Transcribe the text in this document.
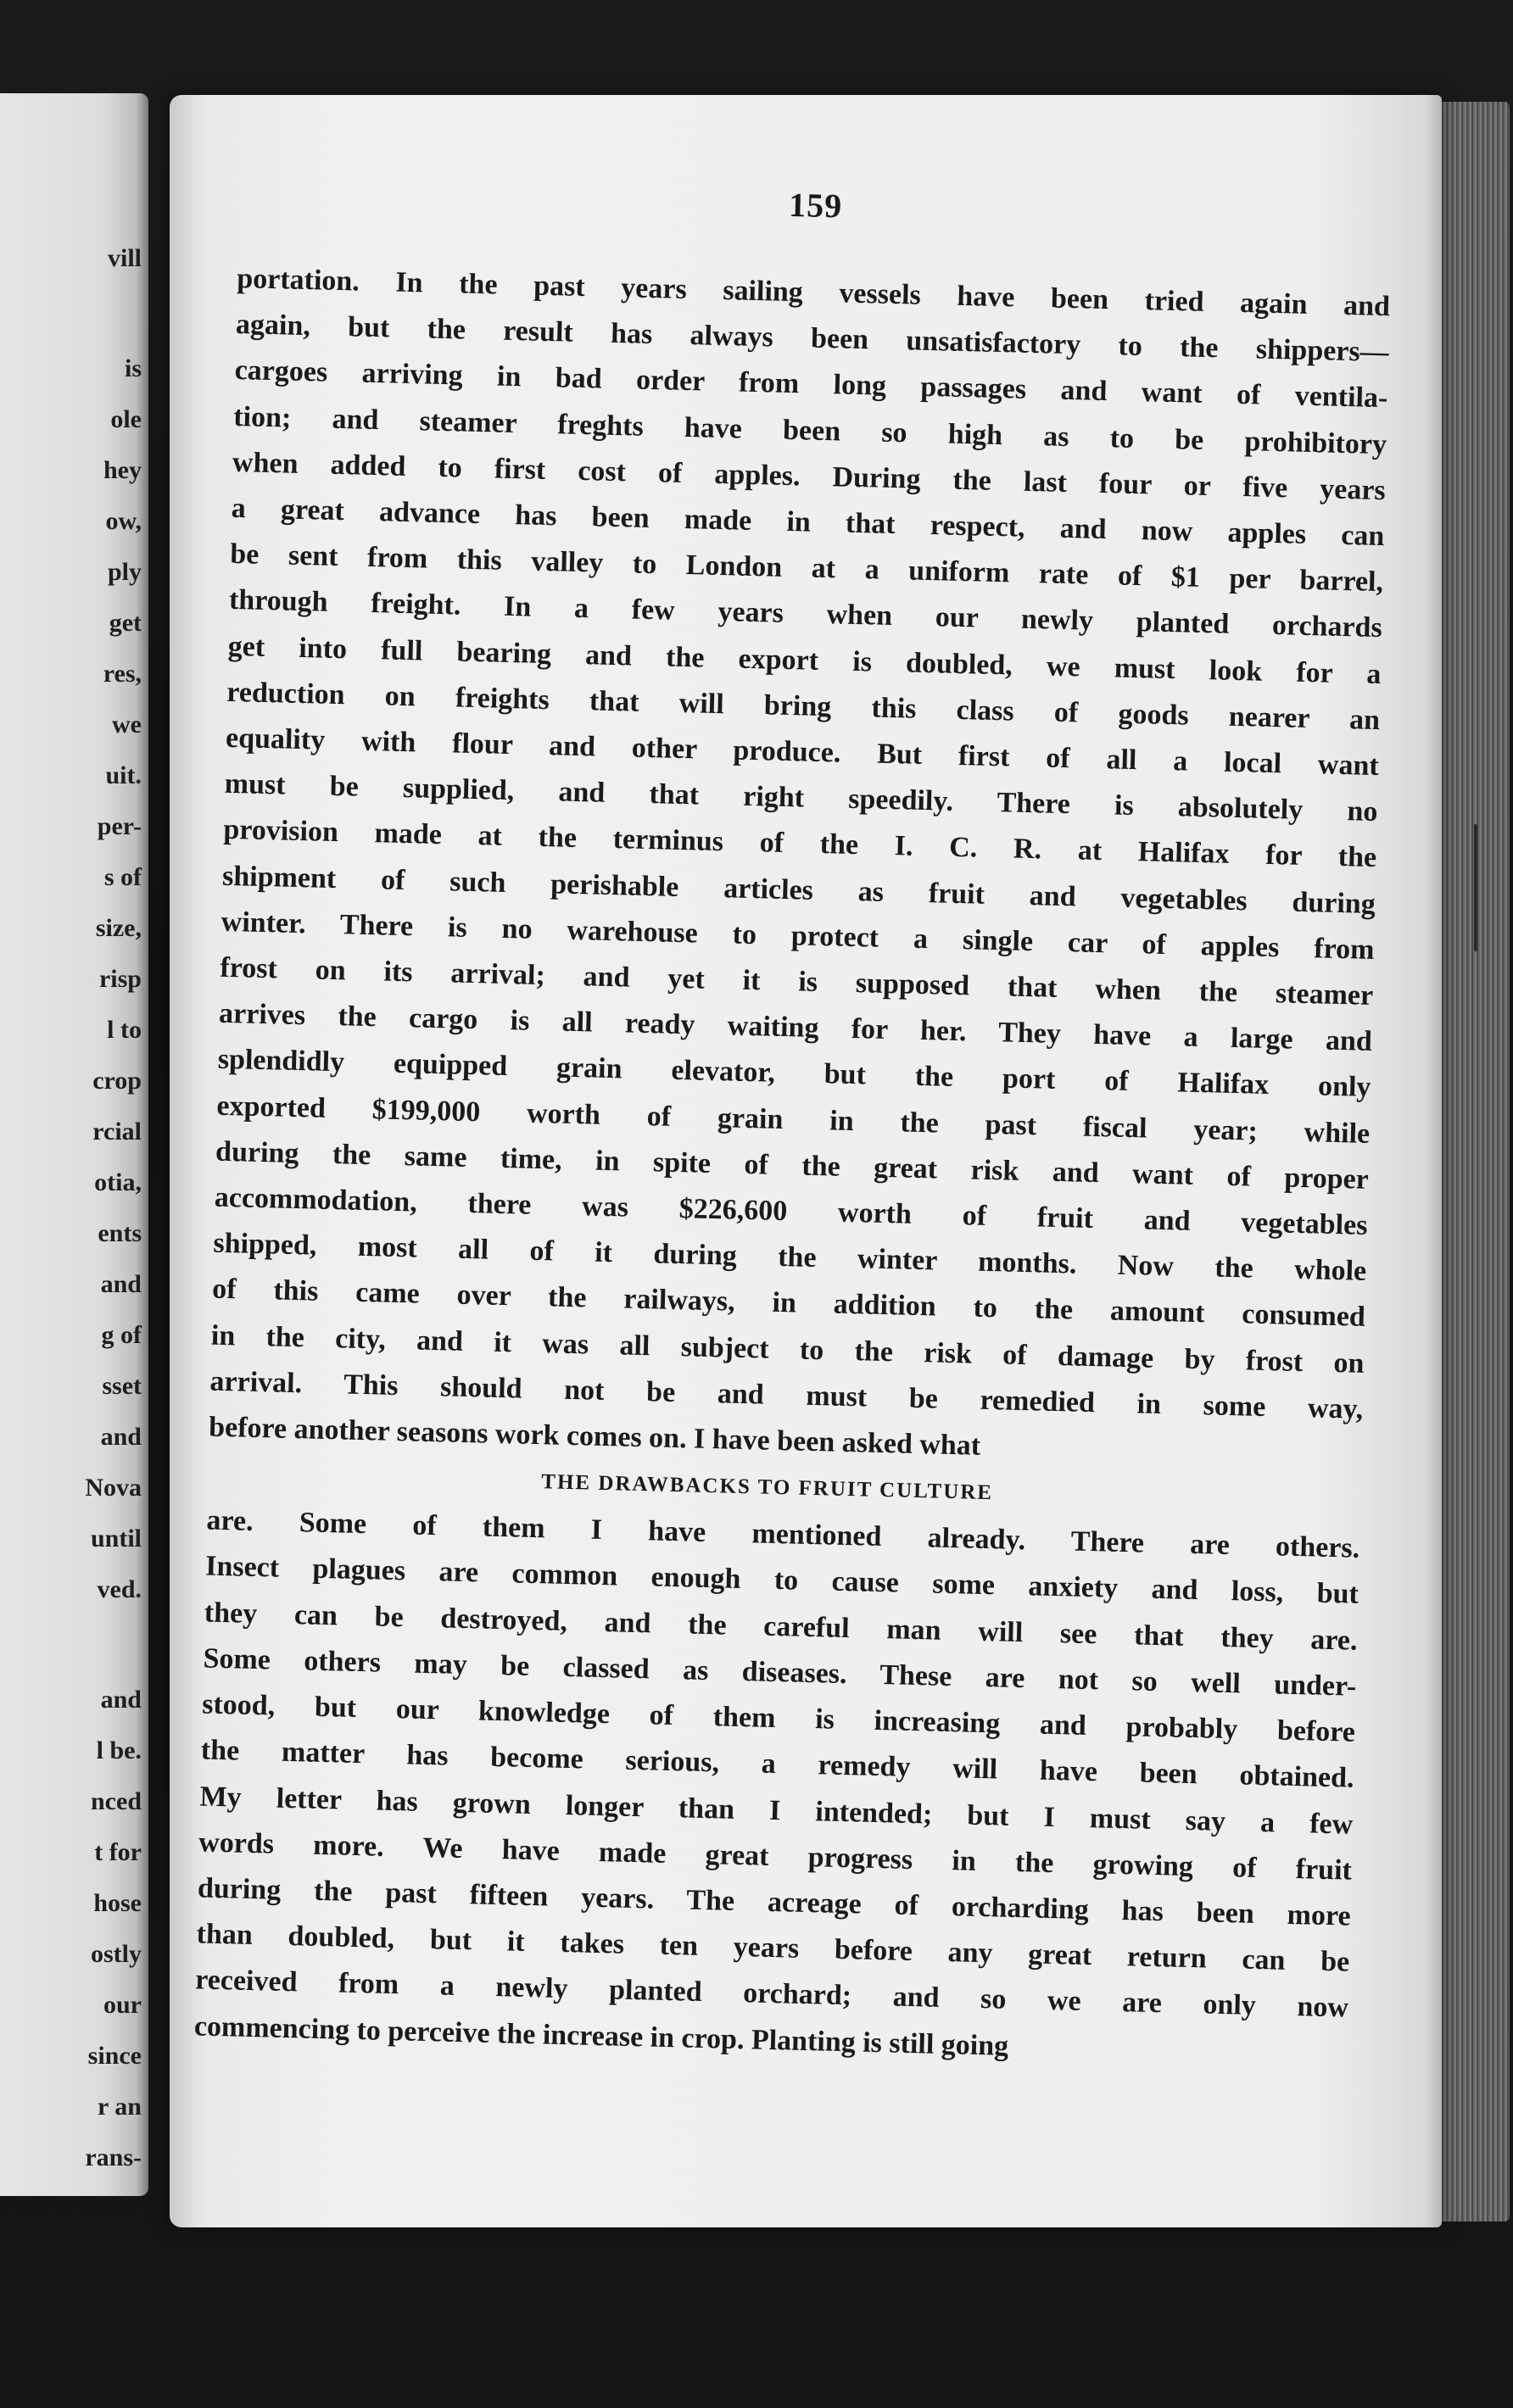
vill
is
ole
hey
ow,
ply
get
res,
we
uit.
per-
s of
size,
risp
l to
crop
rcial
otia,
ents
and
g of
sset
and
Nova
until
ved.
and
l be.
nced
t for
hose
ostly
our
since
r an
rans-
159
portation. In the past years sailing vessels have been tried again and
again, but the result has always been unsatisfactory to the shippers—
cargoes arriving in bad order from long passages and want of ventila-
tion; and steamer freghts have been so high as to be prohibitory
when added to first cost of apples. During the last four or five years
a great advance has been made in that respect, and now apples can
be sent from this valley to London at a uniform rate of $1 per barrel,
through freight. In a few years when our newly planted orchards
get into full bearing and the export is doubled, we must look for a
reduction on freights that will bring this class of goods nearer an
equality with flour and other produce. But first of all a local want
must be supplied, and that right speedily. There is absolutely no
provision made at the terminus of the I. C. R. at Halifax for the
shipment of such perishable articles as fruit and vegetables during
winter. There is no warehouse to protect a single car of apples from
frost on its arrival; and yet it is supposed that when the steamer
arrives the cargo is all ready waiting for her. They have a large and
splendidly equipped grain elevator, but the port of Halifax only
exported $199,000 worth of grain in the past fiscal year; while
during the same time, in spite of the great risk and want of proper
accommodation, there was $226,600 worth of fruit and vegetables
shipped, most all of it during the winter months. Now the whole
of this came over the railways, in addition to the amount consumed
in the city, and it was all subject to the risk of damage by frost on
arrival. This should not be and must be remedied in some way,
before another seasons work comes on. I have been asked what
THE DRAWBACKS TO FRUIT CULTURE
are. Some of them I have mentioned already. There are others.
Insect plagues are common enough to cause some anxiety and loss, but
they can be destroyed, and the careful man will see that they are.
Some others may be classed as diseases. These are not so well under-
stood, but our knowledge of them is increasing and probably before
the matter has become serious, a remedy will have been obtained.
My letter has grown longer than I intended; but I must say a few
words more. We have made great progress in the growing of fruit
during the past fifteen years. The acreage of orcharding has been more
than doubled, but it takes ten years before any great return can be
received from a newly planted orchard; and so we are only now
commencing to perceive the increase in crop. Planting is still going
